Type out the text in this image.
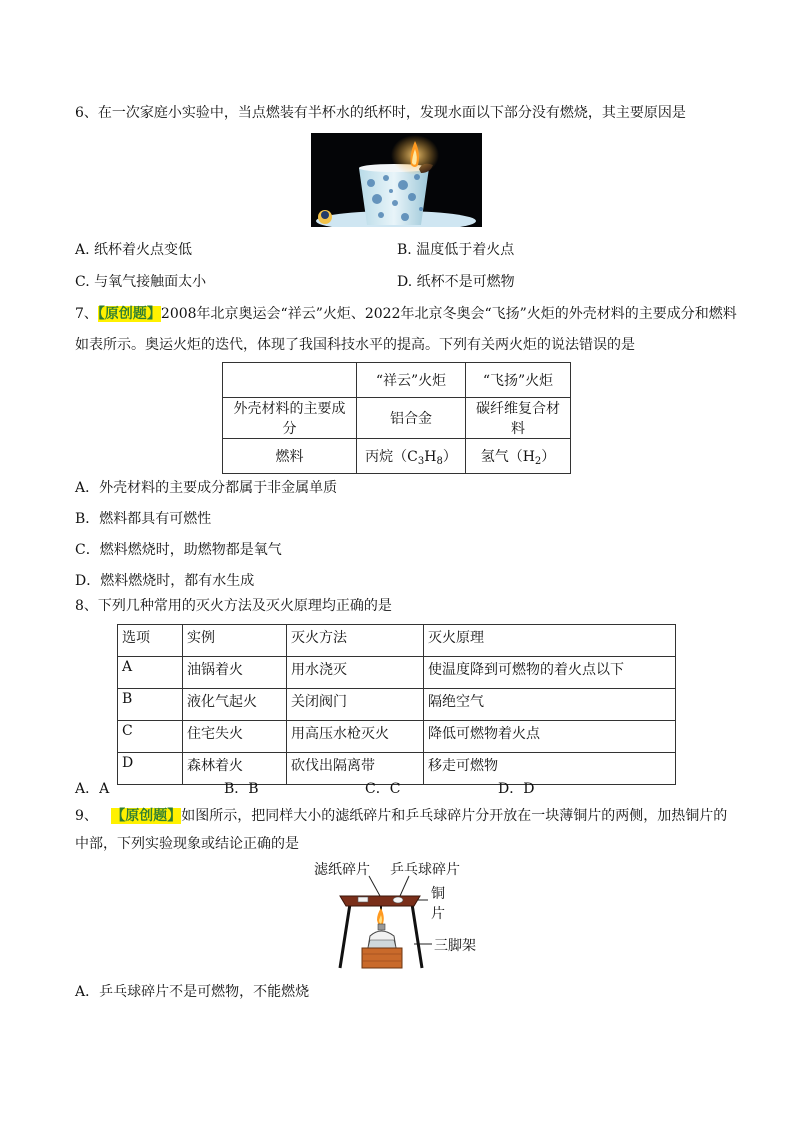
6、在一次家庭小实验中，当点燃装有半杯水的纸杯时，发现水面以下部分没有燃烧，其主要原因是
A. 纸杯着火点变低	B. 温度低于着火点
C. 与氧气接触面太小	D. 纸杯不是可燃物
7、【原创题】2008年北京奥运会“祥云”火炬、2022年北京冬奥会“飞扬”火炬的外壳材料的主要成分和燃料
如表所示。奥运火炬的迭代，体现了我国科技水平的提高。下列有关两火炬的说法错误的是
	“祥云”火炬	“飞扬”火炬
外壳材料的主要成分	铝合金	碳纤维复合材料
燃料	丙烷$(C_3H_8)$	氢气$(H_2)$
A．外壳材料的主要成分都属于非金属单质
B．燃料都具有可燃性
C．燃料燃烧时，助燃物都是氧气
D．燃料燃烧时，都有水生成
8、下列几种常用的灭火方法及灭火原理均正确的是
选项	实例	灭火方法	灭火原理
A	油锅着火	用水浇灭	使温度降到可燃物的着火点以下
B	液化气起火	关闭阀门	隔绝空气
C	住宅失火	用高压水枪灭火	降低可燃物着火点
D	森林着火	砍伐出隔离带	移走可燃物
A．A	B．B	C．C	D．D
9、 【原创题】如图所示，把同样大小的滤纸碎片和乒乓球碎片分开放在一块薄铜片的两侧，加热铜片的
中部，下列实验现象或结论正确的是
滤纸碎片 乒乓球碎片
铜
片
三脚架
A．乒乓球碎片不是可燃物，不能燃烧
